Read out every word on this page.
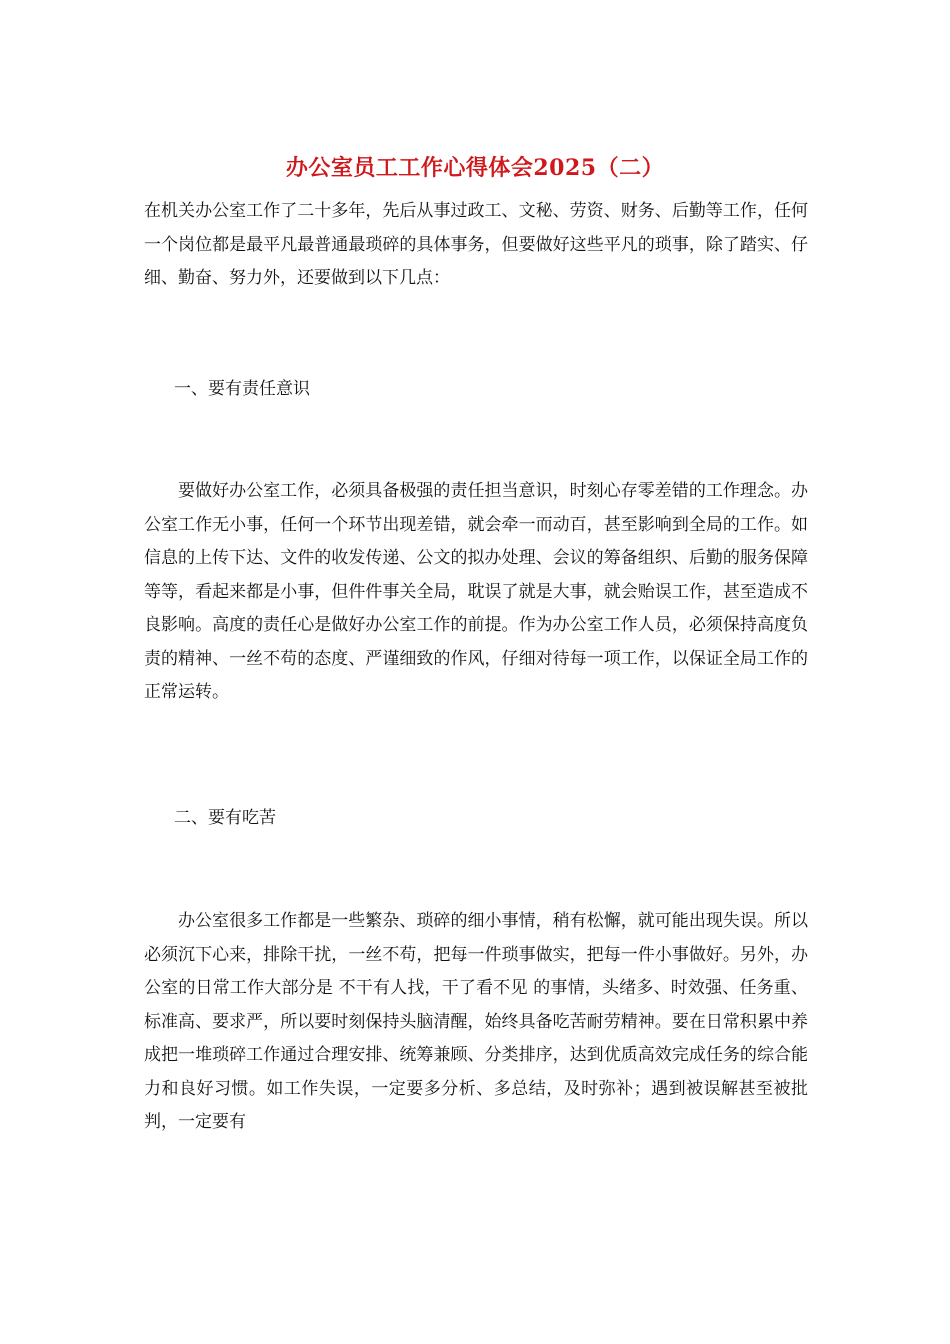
办公室员工工作心得体会2025（二）

在机关办公室工作了二十多年，先后从事过政工、文秘、劳资、财务、后勤等工作，任何一个岗位都是最平凡最普通最琐碎的具体事务，但要做好这些平凡的琐事，除了踏实、仔细、勤奋、努力外，还要做到以下几点：

一、要有责任意识

要做好办公室工作，必须具备极强的责任担当意识，时刻心存零差错的工作理念。办公室工作无小事，任何一个环节出现差错，就会牵一而动百，甚至影响到全局的工作。如信息的上传下达、文件的收发传递、公文的拟办处理、会议的筹备组织、后勤的服务保障等等，看起来都是小事，但件件事关全局，耽误了就是大事，就会贻误工作，甚至造成不良影响。高度的责任心是做好办公室工作的前提。作为办公室工作人员，必须保持高度负责的精神、一丝不苟的态度、严谨细致的作风，仔细对待每一项工作，以保证全局工作的正常运转。

二、要有吃苦

办公室很多工作都是一些繁杂、琐碎的细小事情，稍有松懈，就可能出现失误。所以必须沉下心来，排除干扰，一丝不苟，把每一件琐事做实，把每一件小事做好。另外，办公室的日常工作大部分是 不干有人找，干了看不见 的事情，头绪多、时效强、任务重、标准高、要求严，所以要时刻保持头脑清醒，始终具备吃苦耐劳精神。要在日常积累中养成把一堆琐碎工作通过合理安排、统筹兼顾、分类排序，达到优质高效完成任务的综合能力和良好习惯。如工作失误，一定要多分析、多总结，及时弥补；遇到被误解甚至被批判，一定要有
